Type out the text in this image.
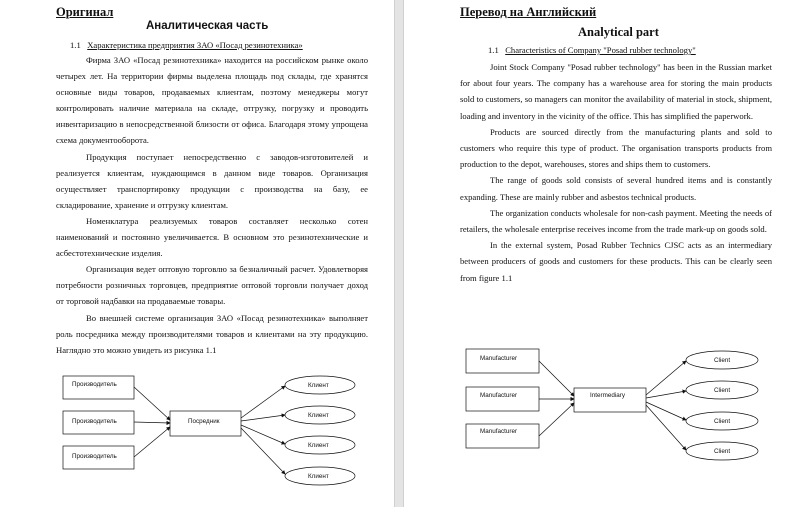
Оригинал
Аналитическая часть
1.1 Характеристика предприятия ЗАО «Посад резинотехника»

Фирма ЗАО «Посад резинотехника» находится на российском рынке около четырех лет. На территории фирмы выделена площадь под склады, где хранятся основные виды товаров, продаваемых клиентам, поэтому менеджеры могут контролировать наличие материала на складе, отгрузку, погрузку и проводить инвентаризацию в непосредственной близости от офиса. Благодаря этому упрощена схема документооборота.

Продукция поступает непосредственно с заводов-изготовителей и реализуется клиентам, нуждающимся в данном виде товаров. Организация осуществляет транспортировку продукции с производства на базу, ее складирование, хранение и отгрузку клиентам.

Номенклатура реализуемых товаров составляет несколько сотен наименований и постоянно увеличивается. В основном это резинотехнические и асбестотехнические изделия.

Организация ведет оптовую торговлю за безналичный расчет. Удовлетворяя потребности розничных торговцев, предприятие оптовой торговли получает доход от торговой надбавки на продаваемые товары.

Во внешней системе организация ЗАО «Посад резинотехника» выполняет роль посредника между производителями товаров и клиентами на эту продукцию. Наглядно это можно увидеть из рисунка 1.1

Производитель
Производитель
Производитель
Посредник
Клиент
Клиент
Клиент
Клиент
Перевод на Английский
Analytical part
1.1 Characteristics of Company "Posad rubber technology"

Joint Stock Company "Posad rubber technology" has been in the Russian market for about four years. The company has a warehouse area for storing the main products sold to customers, so managers can monitor the availability of material in stock, shipment, loading and inventory in the vicinity of the office. This has simplified the paperwork.

Products are sourced directly from the manufacturing plants and sold to customers who require this type of product. The organisation transports products from production to the depot, warehouses, stores and ships them to customers.

The range of goods sold consists of several hundred items and is constantly expanding. These are mainly rubber and asbestos technical products.

The organization conducts wholesale for non-cash payment. Meeting the needs of retailers, the wholesale enterprise receives income from the trade mark-up on goods sold.

In the external system, Posad Rubber Technics CJSC acts as an intermediary between producers of goods and customers for these products. This can be clearly seen from figure 1.1

Manufacturer
Manufacturer
Manufacturer
Intermediary
Client
Client
Client
Client
